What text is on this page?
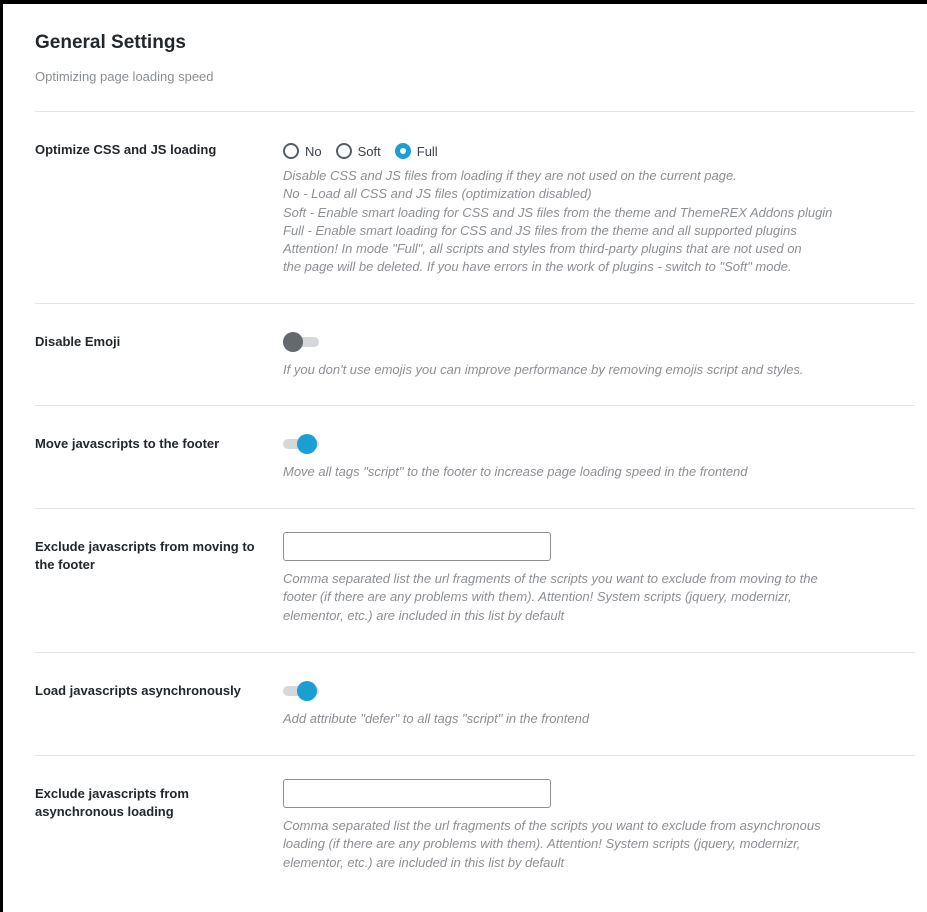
General Settings
Optimizing page loading speed
Optimize CSS and JS loading	No	Soft	Full
Disable CSS and JS files from loading if they are not used on the current page.
No - Load all CSS and JS files (optimization disabled)
Soft - Enable smart loading for CSS and JS files from the theme and ThemeREX Addons plugin
Full - Enable smart loading for CSS and JS files from the theme and all supported plugins
Attention! In mode "Full", all scripts and styles from third-party plugins that are not used on
the page will be deleted. If you have errors in the work of plugins - switch to "Soft" mode.
Disable Emoji
If you don't use emojis you can improve performance by removing emojis script and styles.
Move javascripts to the footer
Move all tags "script" to the footer to increase page loading speed in the frontend
Exclude javascripts from moving to the footer
Comma separated list the url fragments of the scripts you want to exclude from moving to the
footer (if there are any problems with them). Attention! System scripts (jquery, modernizr,
elementor, etc.) are included in this list by default
Load javascripts asynchronously
Add attribute "defer" to all tags "script" in the frontend
Exclude javascripts from asynchronous loading
Comma separated list the url fragments of the scripts you want to exclude from asynchronous
loading (if there are any problems with them). Attention! System scripts (jquery, modernizr,
elementor, etc.) are included in this list by default
